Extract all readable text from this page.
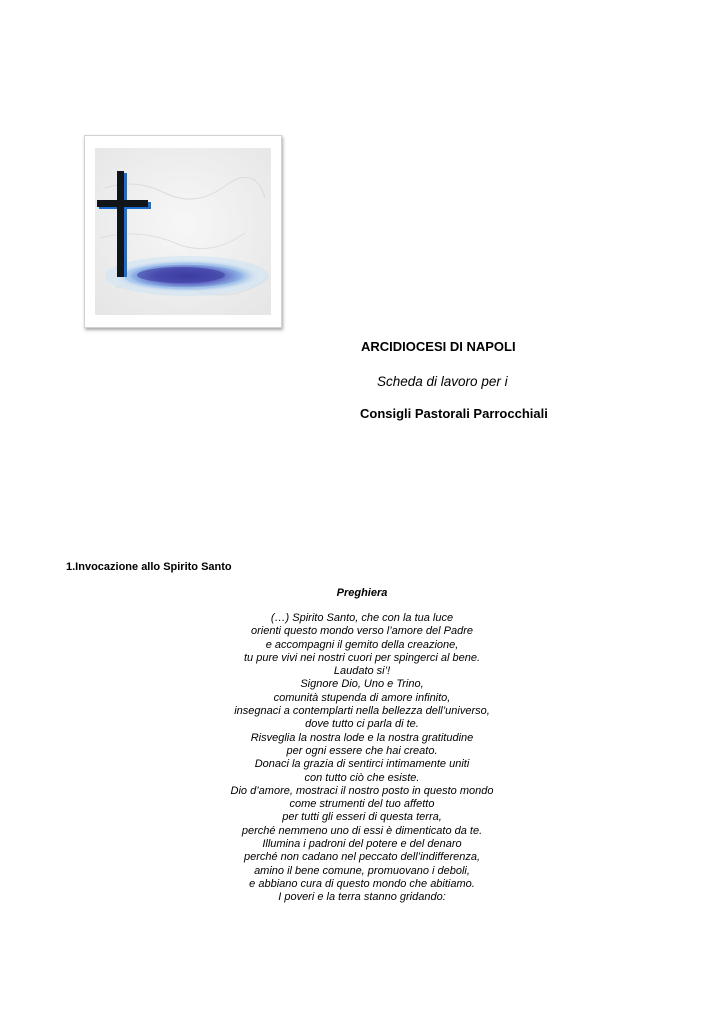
ARCIDIOCESI DI NAPOLI
Scheda di lavoro per i
Consigli Pastorali Parrocchiali
1.Invocazione allo Spirito Santo
Preghiera
(…) Spirito Santo, che con la tua luce
orienti questo mondo verso l’amore del Padre
e accompagni il gemito della creazione,
tu pure vivi nei nostri cuori per spingerci al bene.
Laudato si’!
Signore Dio, Uno e Trino,
comunità stupenda di amore infinito,
insegnaci a contemplarti nella bellezza dell’universo,
dove tutto ci parla di te.
Risveglia la nostra lode e la nostra gratitudine
per ogni essere che hai creato.
Donaci la grazia di sentirci intimamente uniti
con tutto ciò che esiste.
Dio d’amore, mostraci il nostro posto in questo mondo
come strumenti del tuo affetto
per tutti gli esseri di questa terra,
perché nemmeno uno di essi è dimenticato da te.
Illumina i padroni del potere e del denaro
perché non cadano nel peccato dell’indifferenza,
amino il bene comune, promuovano i deboli,
e abbiano cura di questo mondo che abitiamo.
I poveri e la terra stanno gridando:
